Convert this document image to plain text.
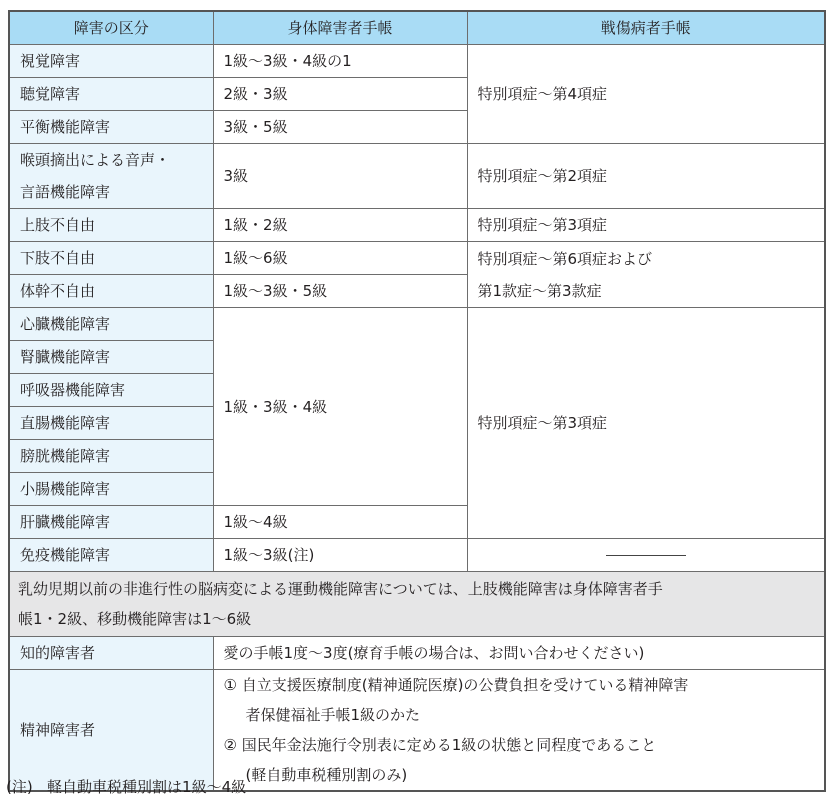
障害の区分	身体障害者手帳	戦傷病者手帳
視覚障害	1級〜3級・4級の1	特別項症〜第4項症
聴覚障害	2級・3級	
平衡機能障害	3級・5級	
喉頭摘出による音声・
言語機能障害	3級	特別項症〜第2項症
上肢不自由	1級・2級	特別項症〜第3項症
下肢不自由	1級〜6級	特別項症〜第6項症および
第1款症〜第3款症
体幹不自由	1級〜3級・5級	
心臓機能障害	1級・3級・4級	特別項症〜第3項症
腎臓機能障害		
呼吸器機能障害		
直腸機能障害		
膀胱機能障害		
小腸機能障害		
肝臓機能障害	1級〜4級	
免疫機能障害	1級〜3級(注)	
乳幼児期以前の非進行性の脳病変による運動機能障害については、上肢機能障害は身体障害者手
帳1・2級、移動機能障害は1〜6級		
知的障害者	愛の手帳1度〜3度(療育手帳の場合は、お問い合わせください)	
精神障害者	① 自立支援医療制度(精神通院医療)の公費負担を受けている精神障害
者保健福祉手帳1級のかた
② 国民年金法施行令別表に定める1級の状態と同程度であること
(軽自動車税種別割のみ)	
(注) 軽自動車税種別割は1級〜4級
